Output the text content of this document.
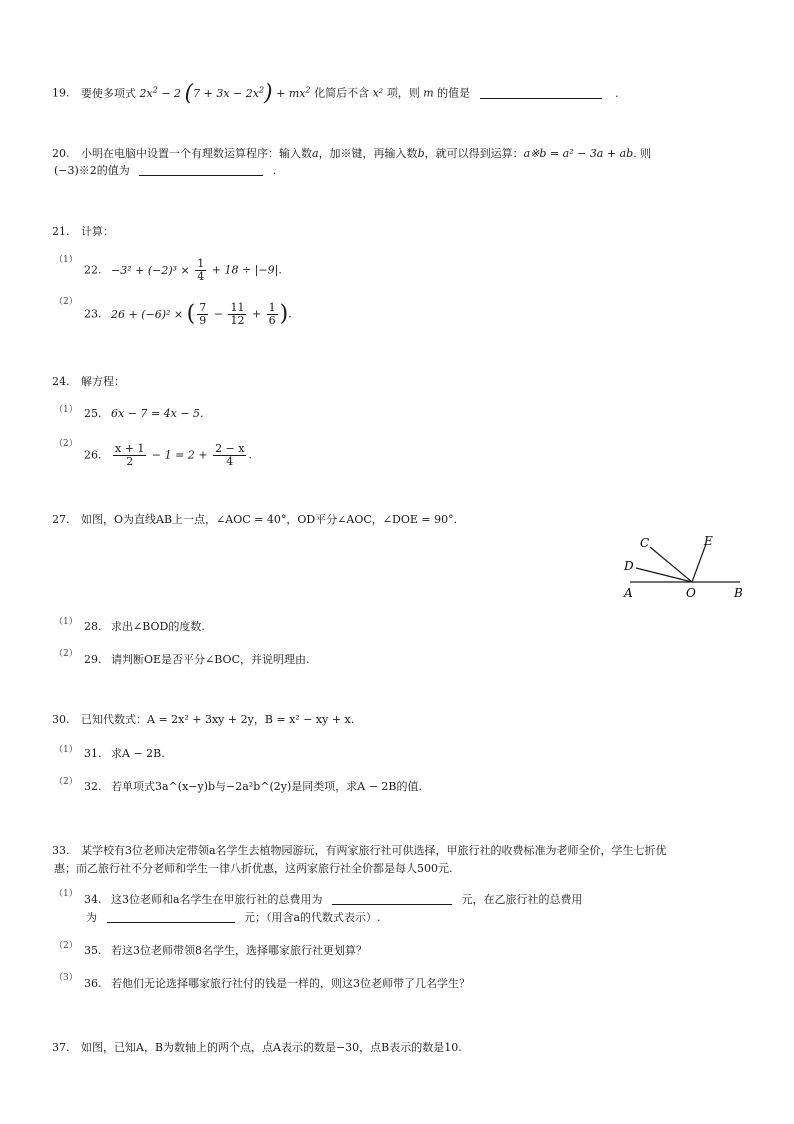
19. 要使多项式 $2x^2 - 2$ $(7 + 3x - 2x^2) + mx^2$ 化简后不含 x² 项，则 m 的值是	.
20. 小明在电脑中设置一个有理数运算程序：输入数a，加※键，再输入数b，就可以得到运算：a※b = a² − 3a + ab. 则
(−3)※2的值为	.
21. 计算：
（1）
22. $-3^2 + (-2)^3 \times \frac{1}{4} + 18 \div |-9|$.
（2）
23. 26 + (−6)² × ( $\frac{7}{9} - \frac{11}{12} + \frac{1}{6}$ ).
24. 解方程：
（1） 25. 6x − 7 = 4x − 5.
（2）
26. $\frac{x + 1}{2} - 1 = 2 + \frac{2 - x}{4}$ .
27. 如图，O为直线AB上一点，∠AOC = 40°，OD平分∠AOC，∠DOE = 90°.
A	O	B
C
D
E
（1） 28. 求出∠BOD的度数.
（2） 29. 请判断OE是否平分∠BOC，并说明理由.
30. 已知代数式：A = 2x² + 3xy + 2y，B = x² − xy + x.
（1） 31. 求A − 2B.
（2） 32. 若单项式3a^(x−y)b与−2a²b^(2y)是同类项，求A − 2B的值.
33. 某学校有3位老师决定带领a名学生去植物园游玩，有两家旅行社可供选择，甲旅行社的收费标准为老师全价，学生七折优
惠；而乙旅行社不分老师和学生一律八折优惠，这两家旅行社全价都是每人500元.
（1） 34. 这3位老师和a名学生在甲旅行社的总费用为	元，在乙旅行社的总费用
为	元；（用含a的代数式表示）.
（2） 35. 若这3位老师带领8名学生，选择哪家旅行社更划算？
（3） 36. 若他们无论选择哪家旅行社付的钱是一样的，则这3位老师带了几名学生？
37. 如图，已知A，B为数轴上的两个点，点A表示的数是−30，点B表示的数是10.
